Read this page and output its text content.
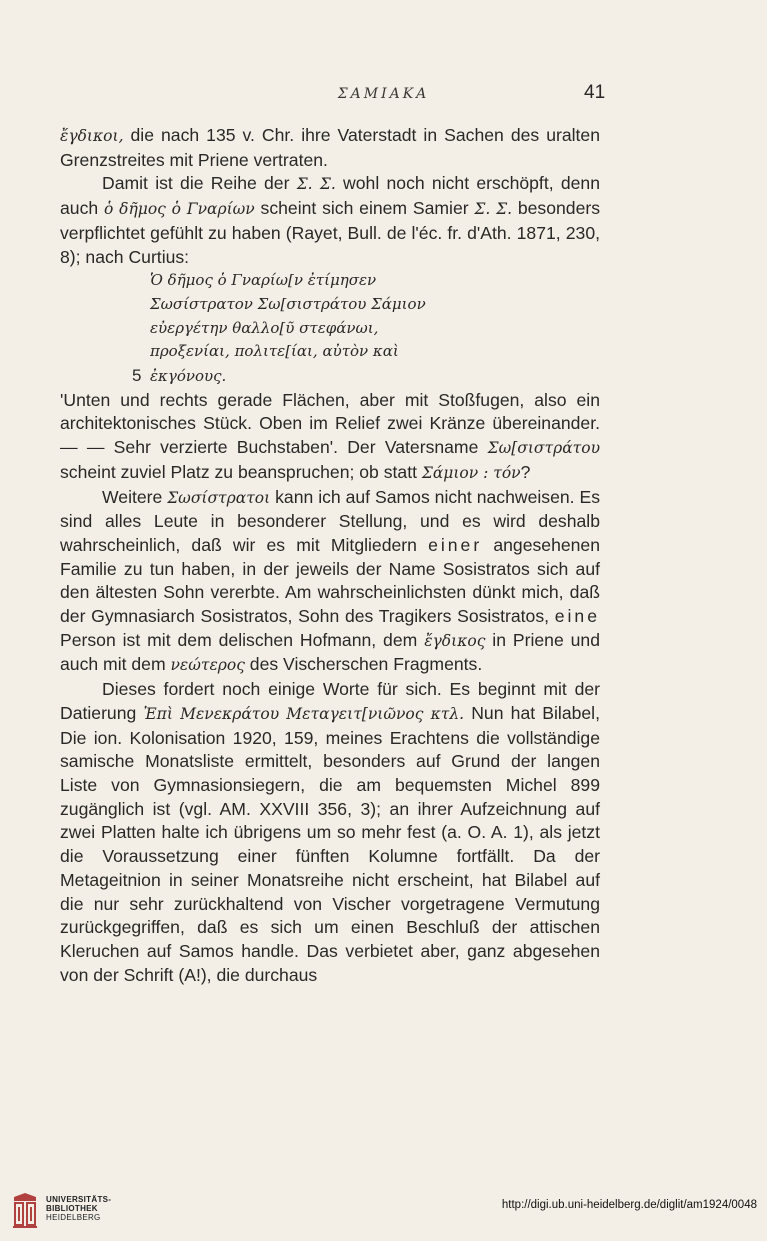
ΣΑΜΙΑΚΑ	41

ἔγδικοι, die nach 135 v. Chr. ihre Vaterstadt in Sachen des uralten Grenzstreites mit Priene vertraten.

Damit ist die Reihe der Σ. Σ. wohl noch nicht erschöpft, denn auch ὁ δῆμος ὁ Γναρίων scheint sich einem Samier Σ. Σ. besonders verpflichtet gefühlt zu haben (Rayet, Bull. de l'éc. fr. d'Ath. 1871, 230, 8); nach Curtius:

Ὁ δῆμος ὁ Γναρίω[ν ἐτίμησεν
Σωσίστρατον Σω[σιστράτου Σάμιον
εὐεργέτην θαλλο[ῦ στεφάνωι,
προξενίαι, πολιτε[ίαι, αὐτὸν καὶ
5 ἐκγόνους.

'Unten und rechts gerade Flächen, aber mit Stoßfugen, also ein architektonisches Stück. Oben im Relief zwei Kränze übereinander. — — Sehr verzierte Buchstaben'. Der Vatersname Σω[σιστράτου scheint zuviel Platz zu beanspruchen; ob statt Σάμιον : τόν?

Weitere Σωσίστρατοι kann ich auf Samos nicht nachweisen. Es sind alles Leute in besonderer Stellung, und es wird deshalb wahrscheinlich, daß wir es mit Mitgliedern einer angesehenen Familie zu tun haben, in der jeweils der Name Sosistratos sich auf den ältesten Sohn vererbte. Am wahrscheinlichsten dünkt mich, daß der Gymnasiarch Sosistratos, Sohn des Tragikers Sosistratos, eine Person ist mit dem delischen Hofmann, dem ἔγδικος in Priene und auch mit dem νεώτερος des Vischerschen Fragments.

Dieses fordert noch einige Worte für sich. Es beginnt mit der Datierung Ἐπὶ Μενεκράτου Μεταγειτ[νιῶνος κτλ. Nun hat Bilabel, Die ion. Kolonisation 1920, 159, meines Erachtens die vollständige samische Monatsliste ermittelt, besonders auf Grund der langen Liste von Gymnasionsiegern, die am bequemsten Michel 899 zugänglich ist (vgl. AM. XXVIII 356, 3); an ihrer Aufzeichnung auf zwei Platten halte ich übrigens um so mehr fest (a. O. A. 1), als jetzt die Voraussetzung einer fünften Kolumne fortfällt. Da der Metageitnion in seiner Monatsreihe nicht erscheint, hat Bilabel auf die nur sehr zurückhaltend von Vischer vorgetragene Vermutung zurückgegriffen, daß es sich um einen Beschluß der attischen Kleruchen auf Samos handle. Das verbietet aber, ganz abgesehen von der Schrift (Α!), die durchaus

UNIVERSITÄTS-
BIBLIOTHEK
HEIDELBERG
http://digi.ub.uni-heidelberg.de/diglit/am1924/0048
